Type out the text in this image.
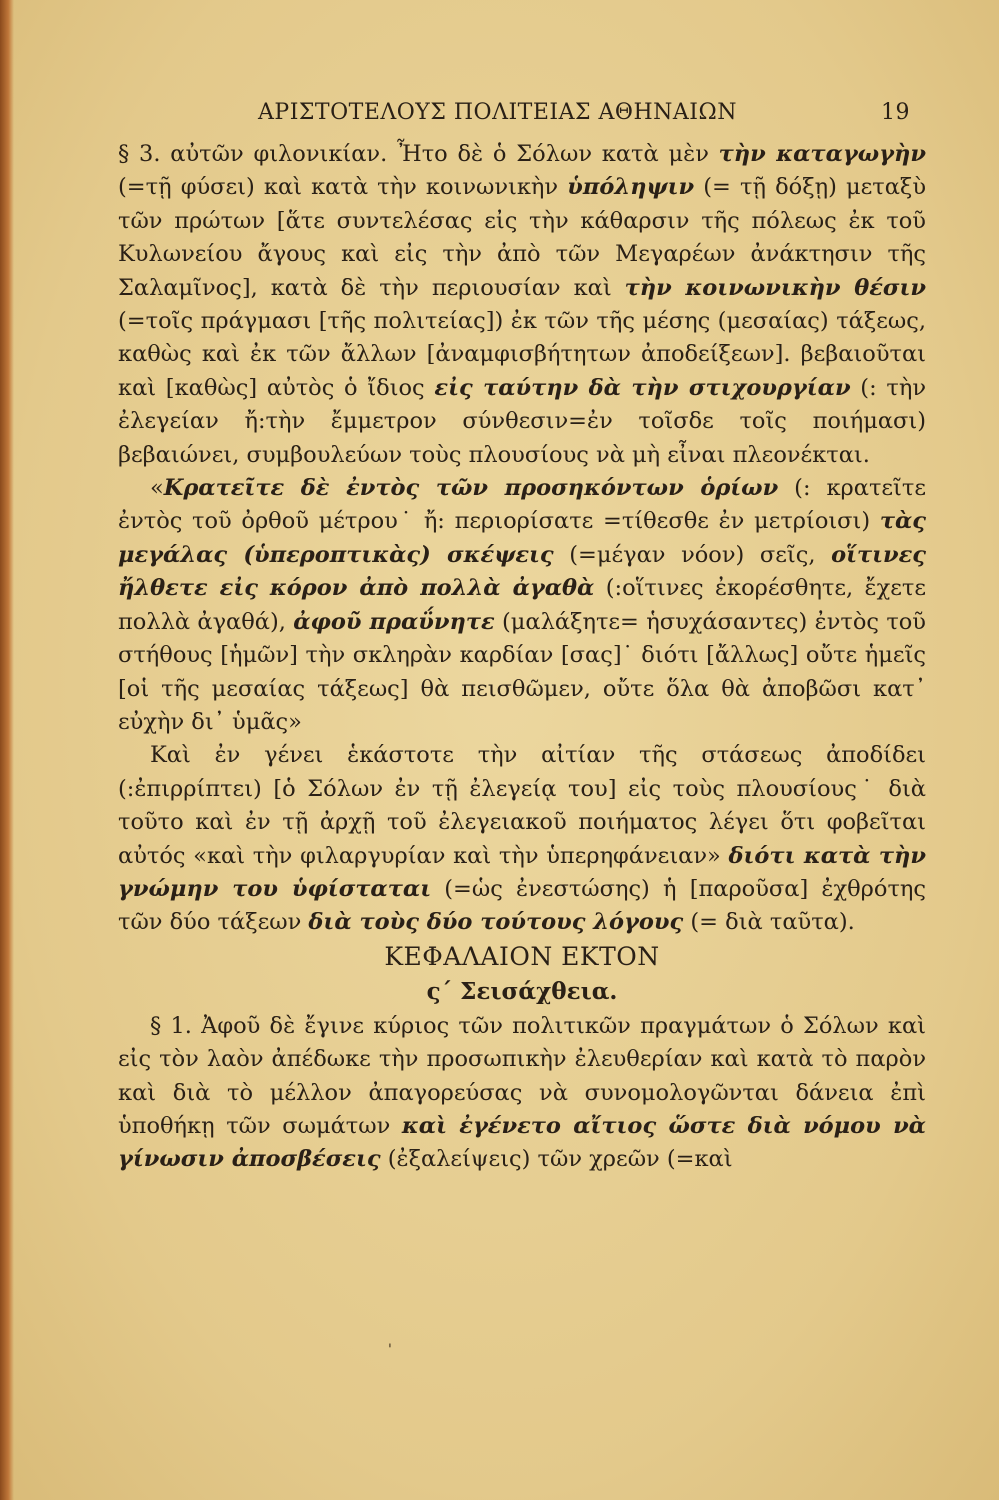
ΑΡΙΣΤΟΤΕΛΟΥΣ ΠΟΛΙΤΕΙΑΣ ΑΘΗΝΑΙΩΝ	19

§ 3. αὐτῶν φιλονικίαν. Ἦτο δὲ ὁ Σόλων κατὰ μὲν τὴν καταγωγὴν (=τῇ φύσει) καὶ κατὰ τὴν κοινωνικὴν ὑπόληψιν (= τῇ δόξῃ) μεταξὺ τῶν πρώτων [ἅτε συντελέσας εἰς τὴν κάθαρσιν τῆς πόλεως ἐκ τοῦ Κυλωνείου ἄγους καὶ εἰς τὴν ἀπὸ τῶν Μεγαρέων ἀνάκτησιν τῆς Σαλαμῖνος], κατὰ δὲ τὴν περιουσίαν καὶ τὴν κοινωνικὴν θέσιν (=τοῖς πράγμασι [τῆς πολιτείας]) ἐκ τῶν τῆς μέσης (μεσαίας) τάξεως, καθὼς καὶ ἐκ τῶν ἄλλων [ἀναμφισβήτητων ἀποδείξεων]. βεβαιοῦται καὶ [καθὼς] αὐτὸς ὁ ἴδιος εἰς ταύτην δὰ τὴν στιχουργίαν (: τὴν ἐλεγείαν ἤ:τὴν ἔμμετρον σύνθεσιν=ἐν τοῖσδε τοῖς ποιήμασι) βεβαιώνει, συμβουλεύων τοὺς πλουσίους νὰ μὴ εἶναι πλεονέκται.

«Κρατεῖτε δὲ ἐντὸς τῶν προσηκόντων ὁρίων (: κρατεῖτε ἐντὸς τοῦ ὀρθοῦ μέτρου˙ ἤ: περιορίσατε =τίθεσθε ἐν μετρίοισι) τὰς μεγάλας (ὑπεροπτικὰς) σκέψεις (=μέγαν νόον) σεῖς, οἵτινες ἤλθετε εἰς κόρον ἀπὸ πολλὰ ἀγαθὰ (:οἵτινες ἐκορέσθητε, ἔχετε πολλὰ ἀγαθά), ἀφοῦ πραΰνητε (μαλάξητε= ἡσυχάσαντες) ἐντὸς τοῦ στήθους [ἡμῶν] τὴν σκληρὰν καρδίαν [σας]˙ διότι [ἄλλως] οὔτε ἡμεῖς [οἱ τῆς μεσαίας τάξεως] θὰ πεισθῶμεν, οὔτε ὅλα θὰ ἀποβῶσι κατ᾽ εὐχὴν δι᾽ ὑμᾶς»

Καὶ ἐν γένει ἑκάστοτε τὴν αἰτίαν τῆς στάσεως ἀποδίδει (:ἐπιρρίπτει) [ὁ Σόλων ἐν τῇ ἐλεγείᾳ του] εἰς τοὺς πλουσίους˙ διὰ τοῦτο καὶ ἐν τῇ ἀρχῇ τοῦ ἐλεγειακοῦ ποιήματος λέγει ὅτι φοβεῖται αὐτός «καὶ τὴν φιλαργυρίαν καὶ τὴν ὑπερηφάνειαν» διότι κατὰ τὴν γνώμην του ὑφίσταται (=ὡς ἐνεστώσης) ἡ [παροῦσα] ἐχθρότης τῶν δύο τάξεων διὰ τοὺς δύο τούτους λόγους (= διὰ ταῦτα).

ΚΕΦΑΛΑΙΟΝ ΕΚΤΟΝ

ς´ Σεισάχθεια.

§ 1. Ἀφοῦ δὲ ἔγινε κύριος τῶν πολιτικῶν πραγμάτων ὁ Σόλων καὶ εἰς τὸν λαὸν ἀπέδωκε τὴν προσωπικὴν ἐλευθερίαν καὶ κατὰ τὸ παρὸν καὶ διὰ τὸ μέλλον ἀπαγορεύσας νὰ συνομολογῶνται δάνεια ἐπὶ ὑποθήκῃ τῶν σωμάτων καὶ ἐγένετο αἴτιος ὥστε διὰ νόμου νὰ γίνωσιν ἀποσβέσεις (ἐξαλείψεις) τῶν χρεῶν (=καὶ

'
